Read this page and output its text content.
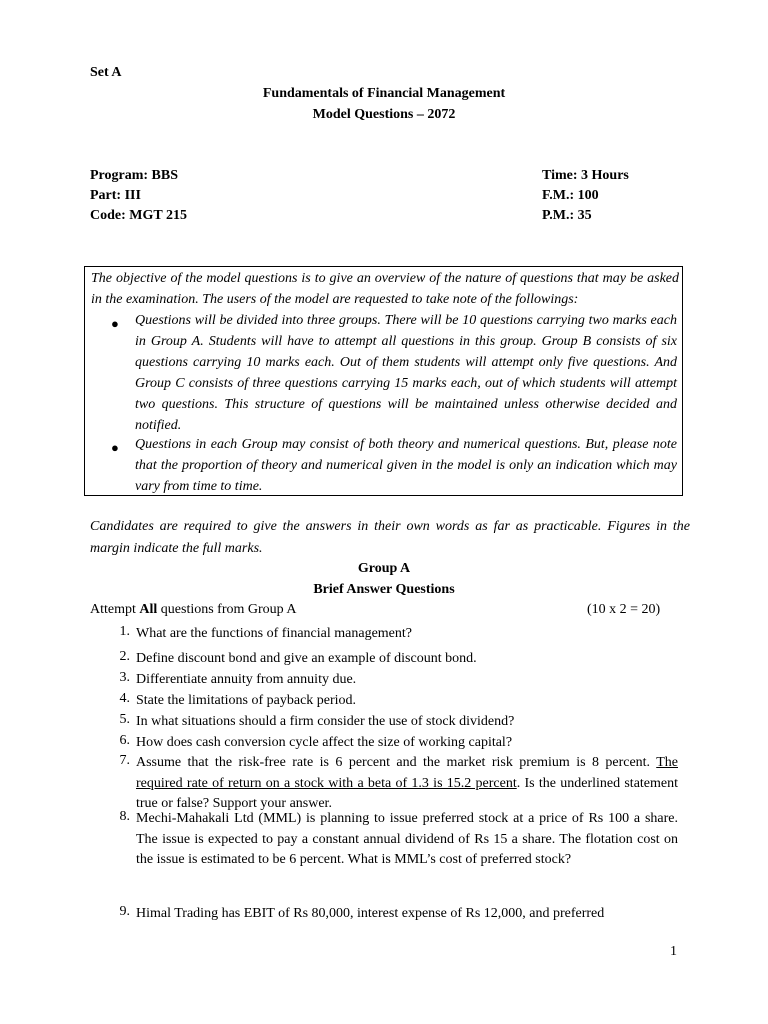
Set A
Fundamentals of Financial Management
Model Questions – 2072
Program: BBS
Part: III
Code: MGT 215
Time: 3 Hours
F.M.: 100
P.M.: 35
The objective of the model questions is to give an overview of the nature of questions that may be asked in the examination. The users of the model are requested to take note of the followings:
● Questions will be divided into three groups. There will be 10 questions carrying two marks each in Group A. Students will have to attempt all questions in this group. Group B consists of six questions carrying 10 marks each. Out of them students will attempt only five questions. And Group C consists of three questions carrying 15 marks each, out of which students will attempt two questions. This structure of questions will be maintained unless otherwise decided and notified.
● Questions in each Group may consist of both theory and numerical questions. But, please note that the proportion of theory and numerical given in the model is only an indication which may vary from time to time.
Candidates are required to give the answers in their own words as far as practicable. Figures in the margin indicate the full marks.
Group A
Brief Answer Questions
Attempt All questions from Group A	(10 x 2 = 20)
1. What are the functions of financial management?
2. Define discount bond and give an example of discount bond.
3. Differentiate annuity from annuity due.
4. State the limitations of payback period.
5. In what situations should a firm consider the use of stock dividend?
6. How does cash conversion cycle affect the size of working capital?
7. Assume that the risk-free rate is 6 percent and the market risk premium is 8 percent. The required rate of return on a stock with a beta of 1.3 is 15.2 percent. Is the underlined statement true or false? Support your answer.
8. Mechi-Mahakali Ltd (MML) is planning to issue preferred stock at a price of Rs 100 a share. The issue is expected to pay a constant annual dividend of Rs 15 a share. The flotation cost on the issue is estimated to be 6 percent. What is MML’s cost of preferred stock?
9. Himal Trading has EBIT of Rs 80,000, interest expense of Rs 12,000, and preferred
1
